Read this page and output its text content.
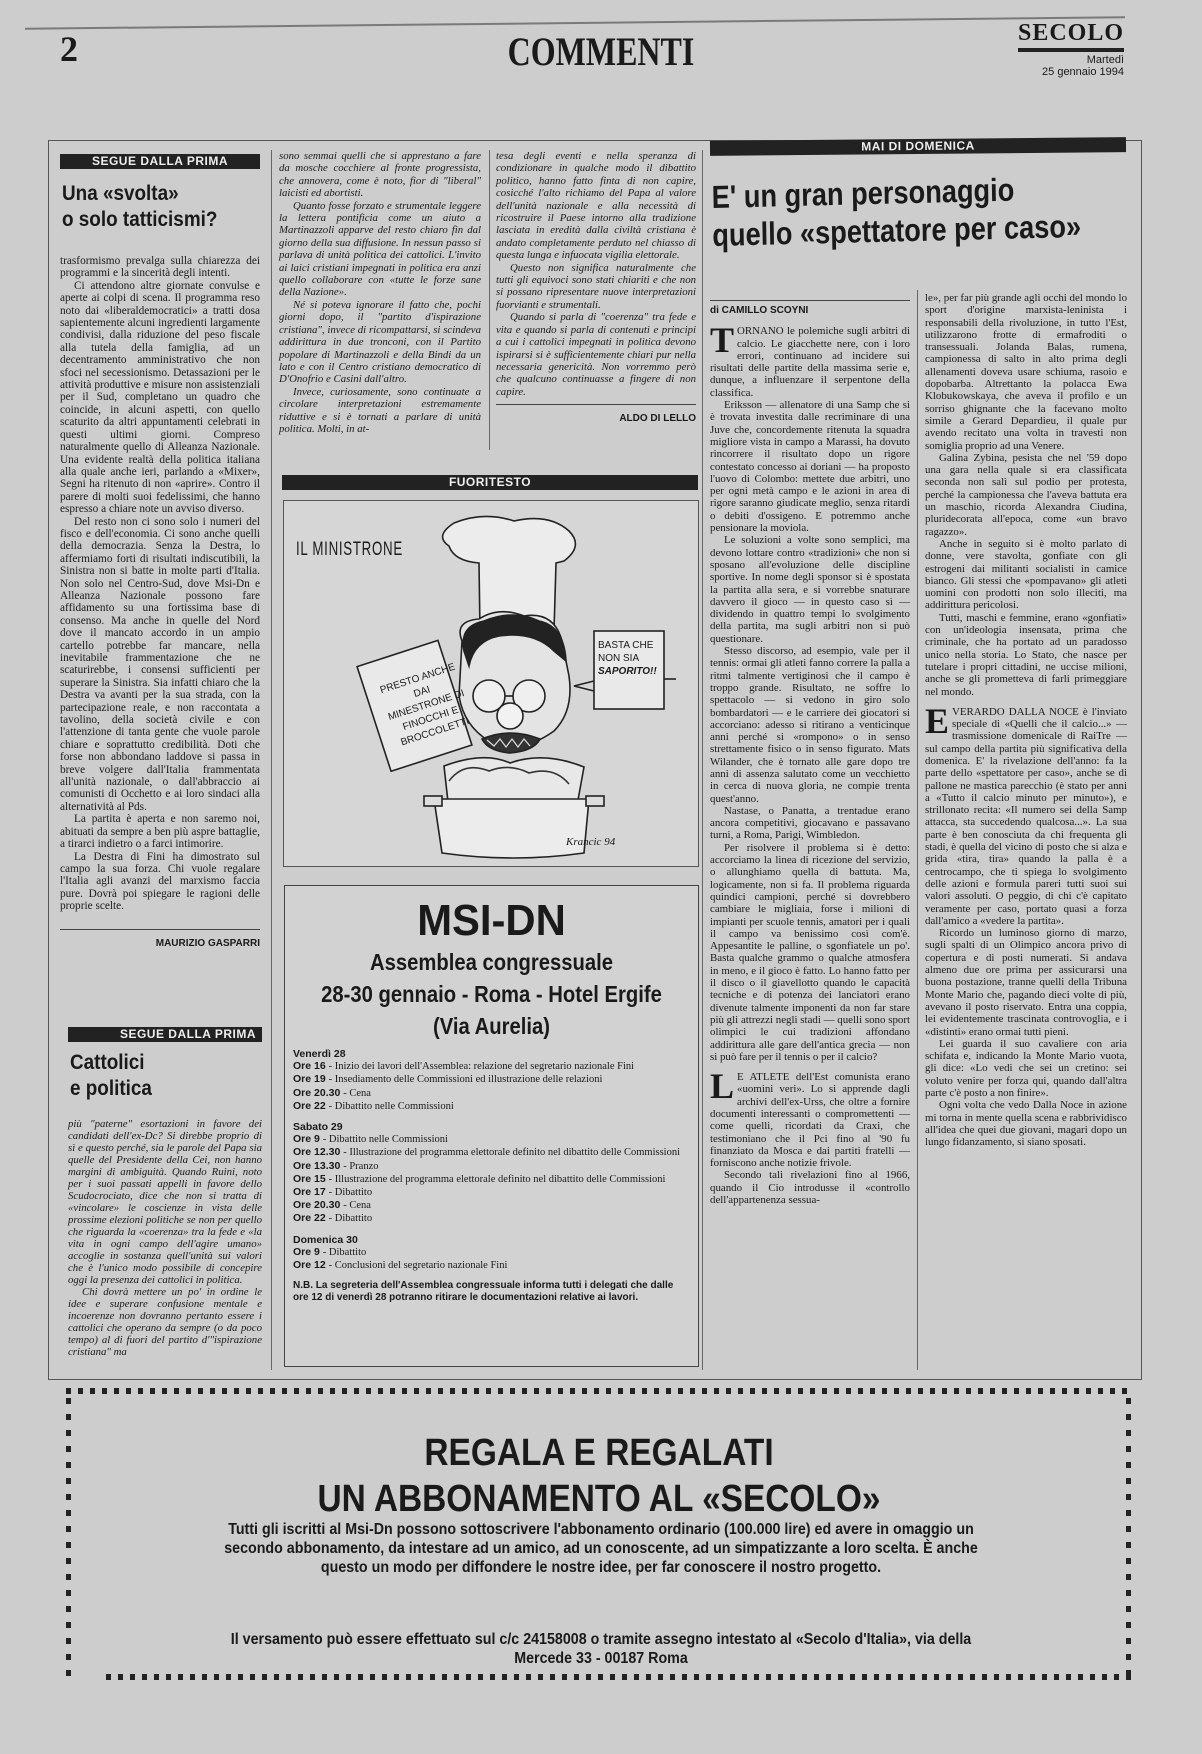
2	COMMENTI	SECOLO
Martedì
25 gennaio 1994
SEGUE DALLA PRIMA
Una «svolta»
o solo tatticismi?

trasformismo prevalga sulla chiarezza dei programmi e la sincerità degli intenti.

Ci attendono altre giornate convulse e aperte ai colpi di scena. Il programma reso noto dai «liberaldemocratici» a tratti dosa sapientemente alcuni ingredienti largamente condivisi, dalla riduzione del peso fiscale alla tutela della famiglia, ad un decentramento amministrativo che non sfoci nel secessionismo. Detassazioni per le attività produttive e misure non assistenziali per il Sud, completano un quadro che coincide, in alcuni aspetti, con quello scaturito da altri appuntamenti celebrati in questi ultimi giorni. Compreso naturalmente quello di Alleanza Nazionale. Una evidente realtà della politica italiana alla quale anche ieri, parlando a «Mixer», Segni ha ritenuto di non «aprire». Contro il parere di molti suoi fedelissimi, che hanno espresso a chiare note un avviso diverso.

Del resto non ci sono solo i numeri del fisco e dell'economia. Ci sono anche quelli della democrazia. Senza la Destra, lo affermiamo forti di risultati indiscutibili, la Sinistra non si batte in molte parti d'Italia. Non solo nel Centro-Sud, dove Msi-Dn e Alleanza Nazionale possono fare affidamento su una fortissima base di consenso. Ma anche in quelle del Nord dove il mancato accordo in un ampio cartello potrebbe far mancare, nella inevitabile frammentazione che ne scaturirebbe, i consensi sufficienti per superare la Sinistra. Sia infatti chiaro che la Destra va avanti per la sua strada, con la partecipazione reale, e non raccontata a tavolino, della società civile e con l'attenzione di tanta gente che vuole parole chiare e soprattutto credibilità. Doti che forse non abbondano laddove si passa in breve volgere dall'Italia frammentata all'unità nazionale, o dall'abbraccio ai comunisti di Occhetto e ai loro sindaci alla alternatività al Pds.

La partita è aperta e non saremo noi, abituati da sempre a ben più aspre battaglie, a tirarci indietro o a farci intimorire.

La Destra di Fini ha dimostrato sul campo la sua forza. Chi vuole regalare l'Italia agli avanzi del marxismo faccia pure. Dovrà poi spiegare le ragioni delle proprie scelte.

MAURIZIO GASPARRI
SEGUE DALLA PRIMA
Cattolici
e politica

più "paterne" esortazioni in favore dei candidati dell'ex-Dc? Si direbbe proprio di sì e questo perché, sia le parole del Papa sia quelle del Presidente della Cei, non hanno margini di ambiguità. Quando Ruini, noto per i suoi passati appelli in favore dello Scudocrociato, dice che non si tratta di «vincolare» le coscienze in vista delle prossime elezioni politiche se non per quello che riguarda la «coerenza» tra la fede e «la vita in ogni campo dell'agire umano» accoglie in sostanza quell'unità sui valori che è l'unico modo possibile di concepire oggi la presenza dei cattolici in politica.

Chi dovrà mettere un po' in ordine le idee e superare confusione mentale e incoerenze non dovranno pertanto essere i cattolici che operano da sempre (o da poco tempo) al di fuori del partito d'"ispirazione cristiana" ma

sono semmai quelli che si apprestano a fare da mosche cocchiere al fronte progressista, che annovera, come è noto, fior di "liberal" laicisti ed abortisti.

Quanto fosse forzato e strumentale leggere la lettera pontificia come un aiuto a Martinazzoli apparve del resto chiaro fin dal giorno della sua diffusione. In nessun passo si parlava di unità politica dei cattolici. L'invito ai laici cristiani impegnati in politica era anzi quello collaborare con «tutte le forze sane della Nazione».

Né si poteva ignorare il fatto che, pochi giorni dopo, il "partito d'ispirazione cristiana", invece di ricompattarsi, si scindeva addirittura in due tronconi, con il Partito popolare di Martinazzoli e della Bindi da un lato e con il Centro cristiano democratico di D'Onofrio e Casini dall'altro.

Invece, curiosamente, sono continuate a circolare interpretazioni estremamente riduttive e si è tornati a parlare di unità politica. Molti, in at-

tesa degli eventi e nella speranza di condizionare in qualche modo il dibattito politico, hanno fatto finta di non capire, cosicché l'alto richiamo del Papa al valore dell'unità nazionale e alla necessità di ricostruire il Paese intorno alla tradizione lasciata in eredità dalla civiltà cristiana è andato completamente perduto nel chiasso di questa lunga e infuocata vigilia elettorale.

Questo non significa naturalmente che tutti gli equivoci sono stati chiariti e che non si possano ripresentare nuove interpretazioni fuorvianti e strumentali.

Quando si parla di "coerenza" tra fede e vita e quando si parla di contenuti e principi a cui i cattolici impegnati in politica devono ispirarsi si è sufficientemente chiari pur nella necessaria genericità. Non vorremmo però che qualcuno continuasse a fingere di non capire.

ALDO DI LELLO
FUORITESTO
IL MINISTRONE
PRESTO ANCHE DAI MINESTRONE DI FINOCCHI E BROCCOLETTI
BASTA CHE NON SIA
SAPORITO!!
Krancic 94
MSI-DN
Assemblea congressuale
28-30 gennaio - Roma - Hotel Ergife
(Via Aurelia)
Venerdì 28
Ore 16 - Inizio dei lavori dell'Assemblea: relazione del segretario nazionale Fini
Ore 19 - Insediamento delle Commissioni ed illustrazione delle relazioni
Ore 20.30 - Cena
Ore 22 - Dibattito nelle Commissioni
Sabato 29
Ore 9 - Dibattito nelle Commissioni
Ore 12.30 - Illustrazione del programma elettorale definito nel dibattito delle Commissioni
Ore 13.30 - Pranzo
Ore 15 - Illustrazione del programma elettorale definito nel dibattito delle Commissioni
Ore 17 - Dibattito
Ore 20.30 - Cena
Ore 22 - Dibattito
Domenica 30
Ore 9 - Dibattito
Ore 12 - Conclusioni del segretario nazionale Fini
N.B. La segreteria dell'Assemblea congressuale informa tutti i delegati che dalle ore 12 di venerdì 28 potranno ritirare le documentazioni relative ai lavori.
MAI DI DOMENICA
E' un gran personaggio
quello «spettatore per caso»
di CAMILLO SCOYNI

TORNANO le polemiche sugli arbitri di calcio. Le giacchette nere, con i loro errori, continuano ad incidere sui risultati delle partite della massima serie e, dunque, a influenzare il serpentone della classifica.

Eriksson — allenatore di una Samp che si è trovata investita dalle recriminare di una Juve che, concordemente ritenuta la squadra migliore vista in campo a Marassi, ha dovuto rincorrere il risultato dopo un rigore contestato concesso ai doriani — ha proposto l'uovo di Colombo: mettete due arbitri, uno per ogni metà campo e le azioni in area di rigore saranno giudicate meglio, senza ritardi o debiti d'ossigeno. E potremmo anche pensionare la moviola.

Le soluzioni a volte sono semplici, ma devono lottare contro «tradizioni» che non si sposano all'evoluzione delle discipline sportive. In nome degli sponsor si è spostata la partita alla sera, e si vorrebbe snaturare davvero il gioco — in questo caso sì — dividendo in quattro tempi lo svolgimento della partita, ma sugli arbitri non si può questionare.

Stesso discorso, ad esempio, vale per il tennis: ormai gli atleti fanno correre la palla a ritmi talmente vertiginosi che il campo è troppo grande. Risultato, ne soffre lo spettacolo — si vedono in giro solo bombardatori — e le carriere dei giocatori si accorciano: adesso si ritirano a venticinque anni perché si «rompono» o in senso strettamente fisico o in senso figurato. Mats Wilander, che è tornato alle gare dopo tre anni di assenza salutato come un vecchietto in cerca di nuova gloria, ne compie trenta quest'anno.

Nastase, o Panatta, a trentadue erano ancora competitivi, giocavano e passavano turni, a Roma, Parigi, Wimbledon.

Per risolvere il problema si è detto: accorciamo la linea di ricezione del servizio, o allunghiamo quella di battuta. Ma, logicamente, non si fa. Il problema riguarda quindici campioni, perché si dovrebbero cambiare le migliaia, forse i milioni di impianti per scuole tennis, amatori per i quali il campo va benissimo così com'è. Appesantite le palline, o sgonfiatele un po'. Basta qualche grammo o qualche atmosfera in meno, e il gioco è fatto. Lo hanno fatto per il disco o il giavellotto quando le capacità tecniche e di potenza dei lanciatori erano divenute talmente imponenti da non far stare più gli attrezzi negli stadi — quelli sono sport olimpici le cui tradizioni affondano addirittura alle gare dell'antica grecia — non si può fare per il tennis o per il calcio?

L E ATLETE dell'Est comunista erano «uomini veri». Lo si apprende dagli archivi dell'ex-Urss, che oltre a fornire documenti interessanti o compromettenti — come quelli, ricordati da Craxi, che testimoniano che il Pci fino al '90 fu finanziato da Mosca e dai partiti fratelli — forniscono anche notizie frivole.

Secondo tali rivelazioni fino al 1966, quando il Cio introdusse il «controllo dell'appartenenza sessua-

le», per far più grande agli occhi del mondo lo sport d'origine marxista-leninista i responsabili della rivoluzione, in tutto l'Est, utilizzarono frotte di ermafroditi o transessuali. Jolanda Balas, rumena, campionessa di salto in alto prima degli allenamenti doveva usare schiuma, rasoio e dopobarba. Altrettanto la polacca Ewa Klobukowskaya, che aveva il profilo e un sorriso ghignante che la facevano molto simile a Gerard Depardieu, il quale pur avendo recitato una volta in travesti non somiglia proprio ad una Venere.

Galina Zybina, pesista che nel '59 dopo una gara nella quale si era classificata seconda non salì sul podio per protesta, perché la campionessa che l'aveva battuta era un maschio, ricorda Alexandra Ciudina, pluridecorata all'epoca, come «un bravo ragazzo».

Anche in seguito si è molto parlato di donne, vere stavolta, gonfiate con gli estrogeni dai militanti socialisti in camice bianco. Gli stessi che «pompavano» gli atleti uomini con prodotti non solo illeciti, ma addirittura pericolosi.

Tutti, maschi e femmine, erano «gonfiati» con un'ideologia insensata, prima che criminale, che ha portato ad un paradosso unico nella storia. Lo Stato, che nasce per tutelare i propri cittadini, ne uccise milioni, anche se gli prometteva di farli primeggiare nel mondo.

EVERARDO DALLA NOCE è l'inviato speciale di «Quelli che il calcio...» — trasmissione domenicale di RaiTre — sul campo della partita più significativa della domenica. E' la rivelazione dell'anno: fa la parte dello «spettatore per caso», anche se di pallone ne mastica parecchio (è stato per anni a «Tutto il calcio minuto per minuto»), e strillonato recita: «Il numero sei della Samp attacca, sta succedendo qualcosa...». La sua parte è ben conosciuta da chi frequenta gli stadi, è quella del vicino di posto che si alza e grida «tira, tira» quando la palla è a centrocampo, che ti spiega lo svolgimento delle azioni e formula pareri tutti suoi sui valori assoluti. O peggio, di chi c'è capitato veramente per caso, portato quasi a forza dall'amico a «vedere la partita».

Ricordo un luminoso giorno di marzo, sugli spalti di un Olimpico ancora privo di copertura e di posti numerati. Si andava almeno due ore prima per assicurarsi una buona postazione, tranne quelli della Tribuna Monte Mario che, pagando dieci volte di più, avevano il posto riservato. Entra una coppia, lei evidentemente trascinata controvoglia, e i «distinti» erano ormai tutti pieni.

Lei guarda il suo cavaliere con aria schifata e, indicando la Monte Mario vuota, gli dice: «Lo vedi che sei un cretino: sei voluto venire per forza qui, quando dall'altra parte c'è posto a non finire».

Ogni volta che vedo Dalla Noce in azione mi torna in mente quella scena e rabbrividisco all'idea che quei due giovani, magari dopo un lungo fidanzamento, si siano sposati.

REGALA E REGALATI
UN ABBONAMENTO AL «SECOLO»
Tutti gli iscritti al Msi-Dn possono sottoscrivere l'abbonamento ordinario (100.000 lire) ed avere in omaggio un secondo abbonamento, da intestare ad un amico, ad un conoscente, ad un simpatizzante a loro scelta. È anche questo un modo per diffondere le nostre idee, per far conoscere il nostro progetto.
Il versamento può essere effettuato sul c/c 24158008 o tramite assegno intestato al «Secolo d'Italia», via della Mercede 33 - 00187 Roma
